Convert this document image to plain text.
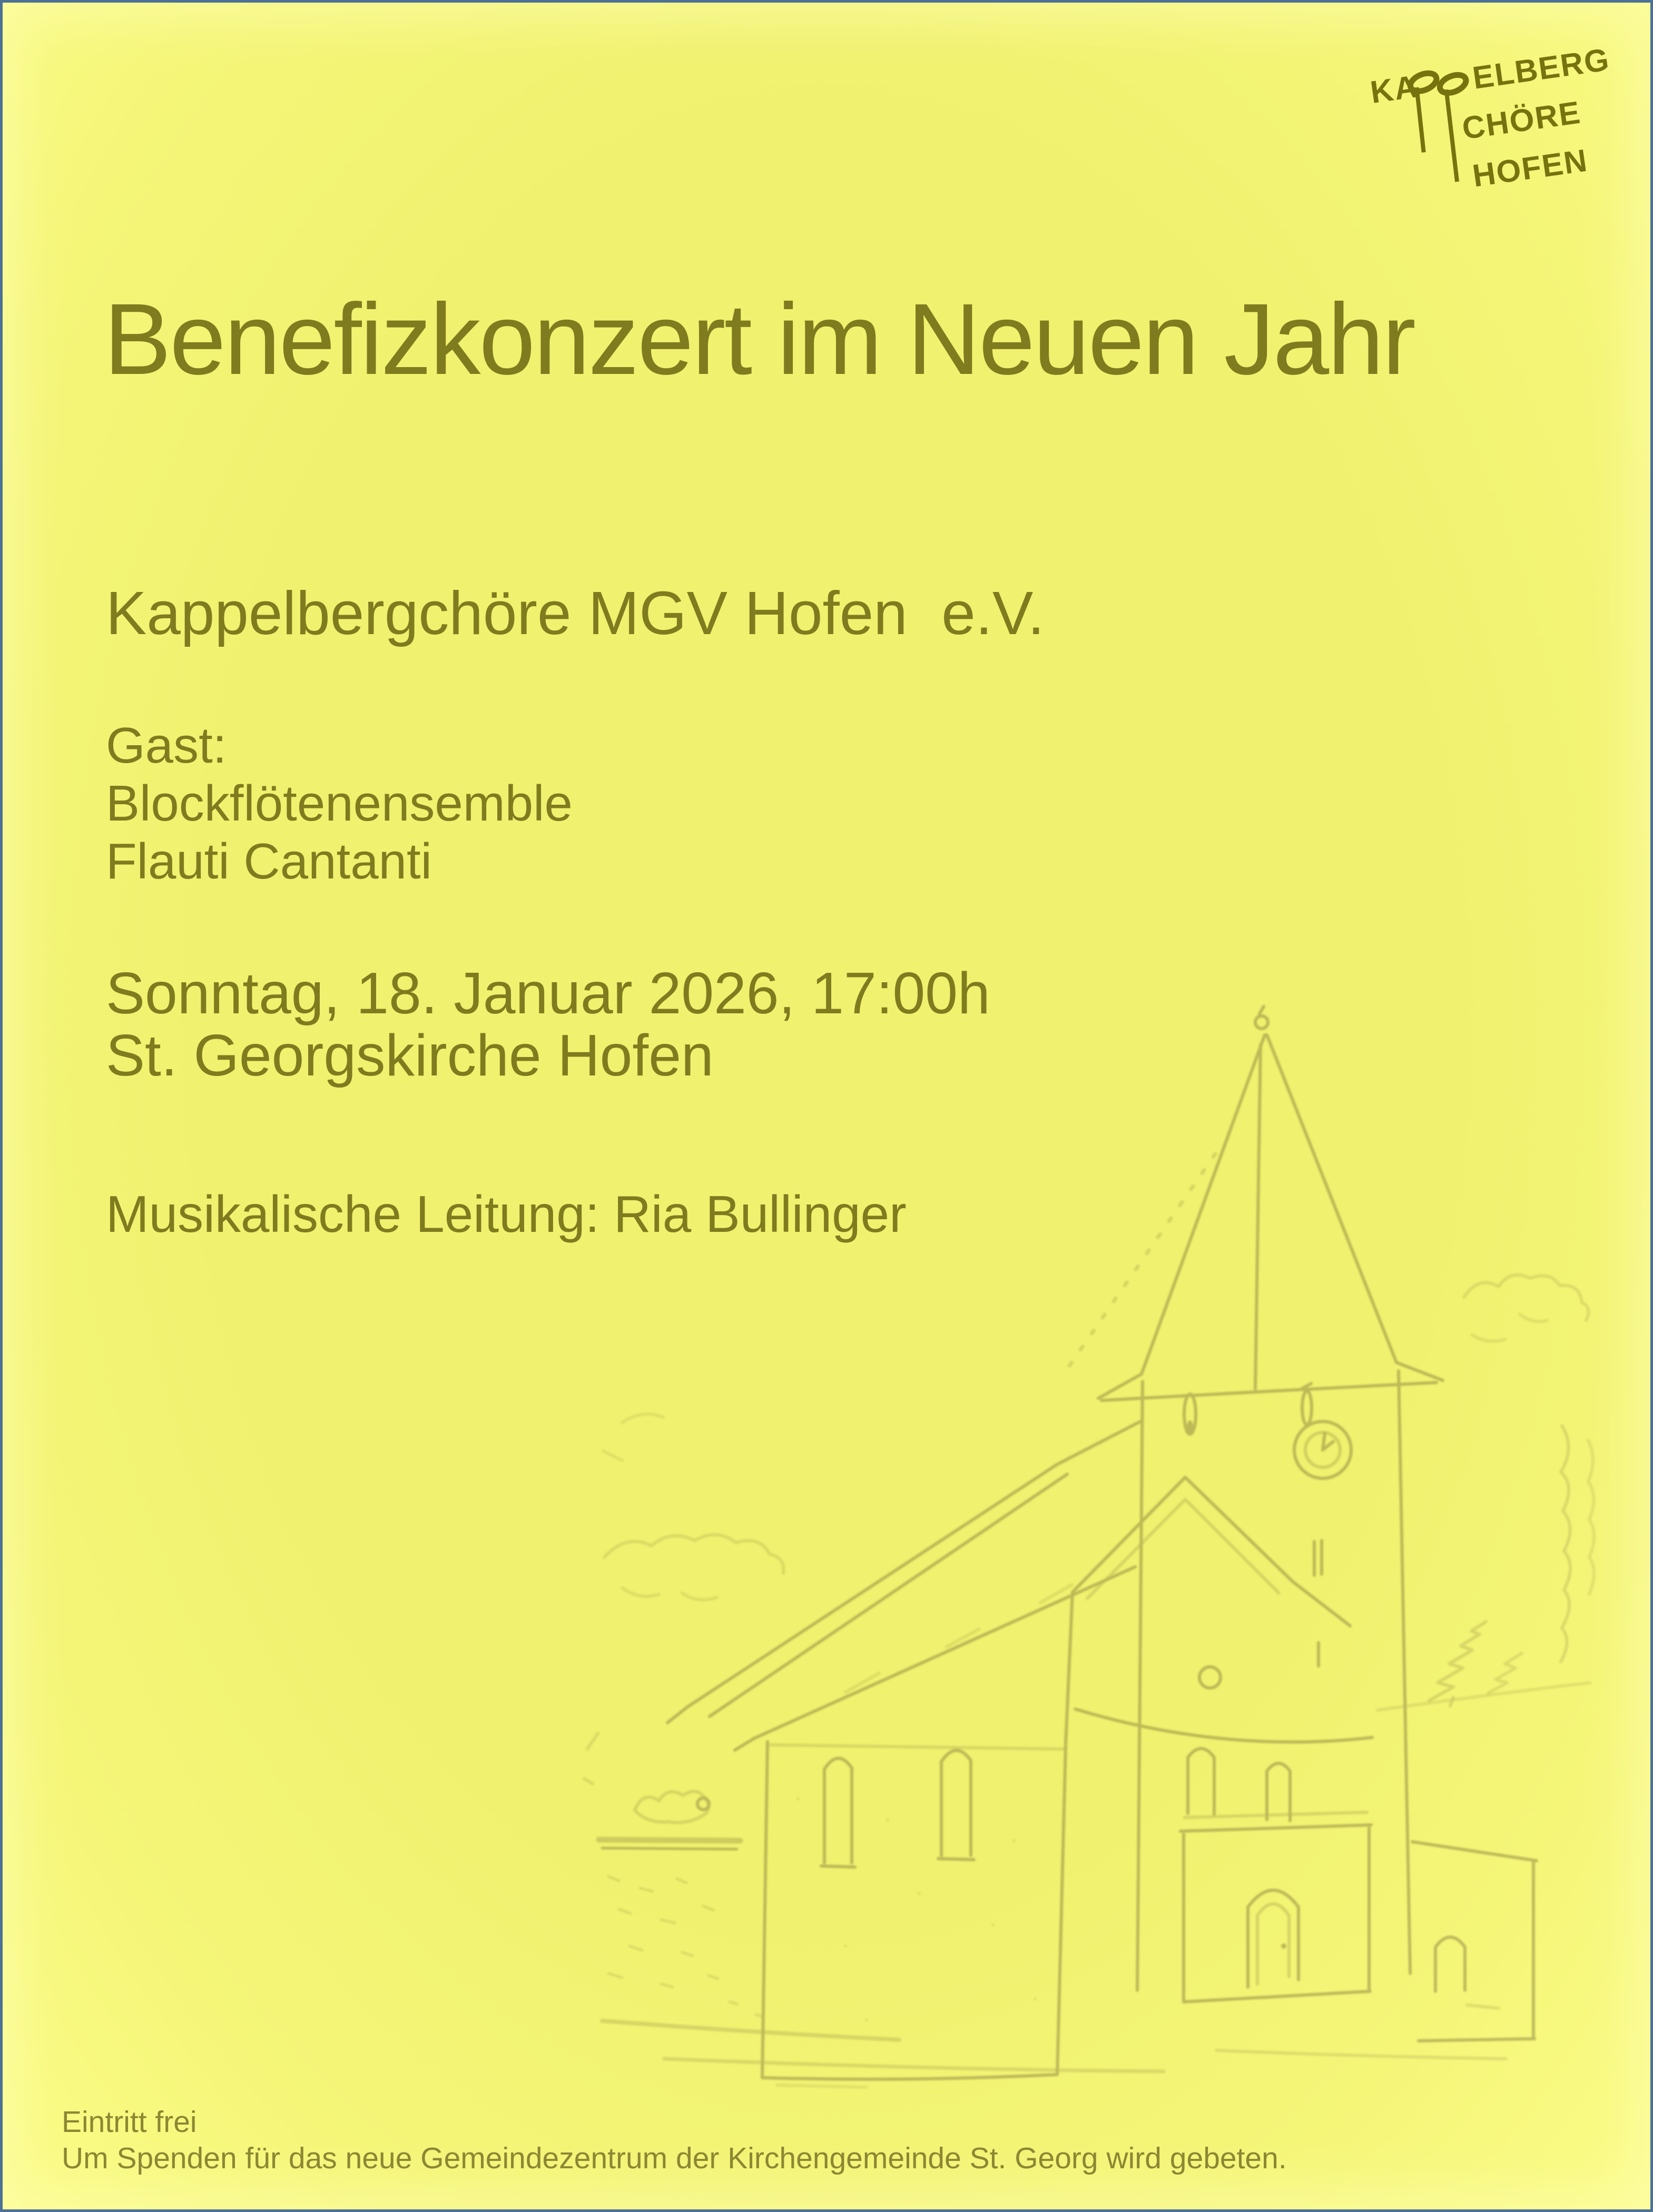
KA ELBERG
CHÖRE
HOFEN
Benefizkonzert im Neuen Jahr
Kappelbergchöre MGV Hofen  e.V.
Gast:
Blockflötenensemble
Flauti Cantanti
Sonntag, 18. Januar 2026, 17:00h
St. Georgskirche Hofen
Musikalische Leitung: Ria Bullinger
Eintritt frei
Um Spenden für das neue Gemeindezentrum der Kirchengemeinde St. Georg wird gebeten.
